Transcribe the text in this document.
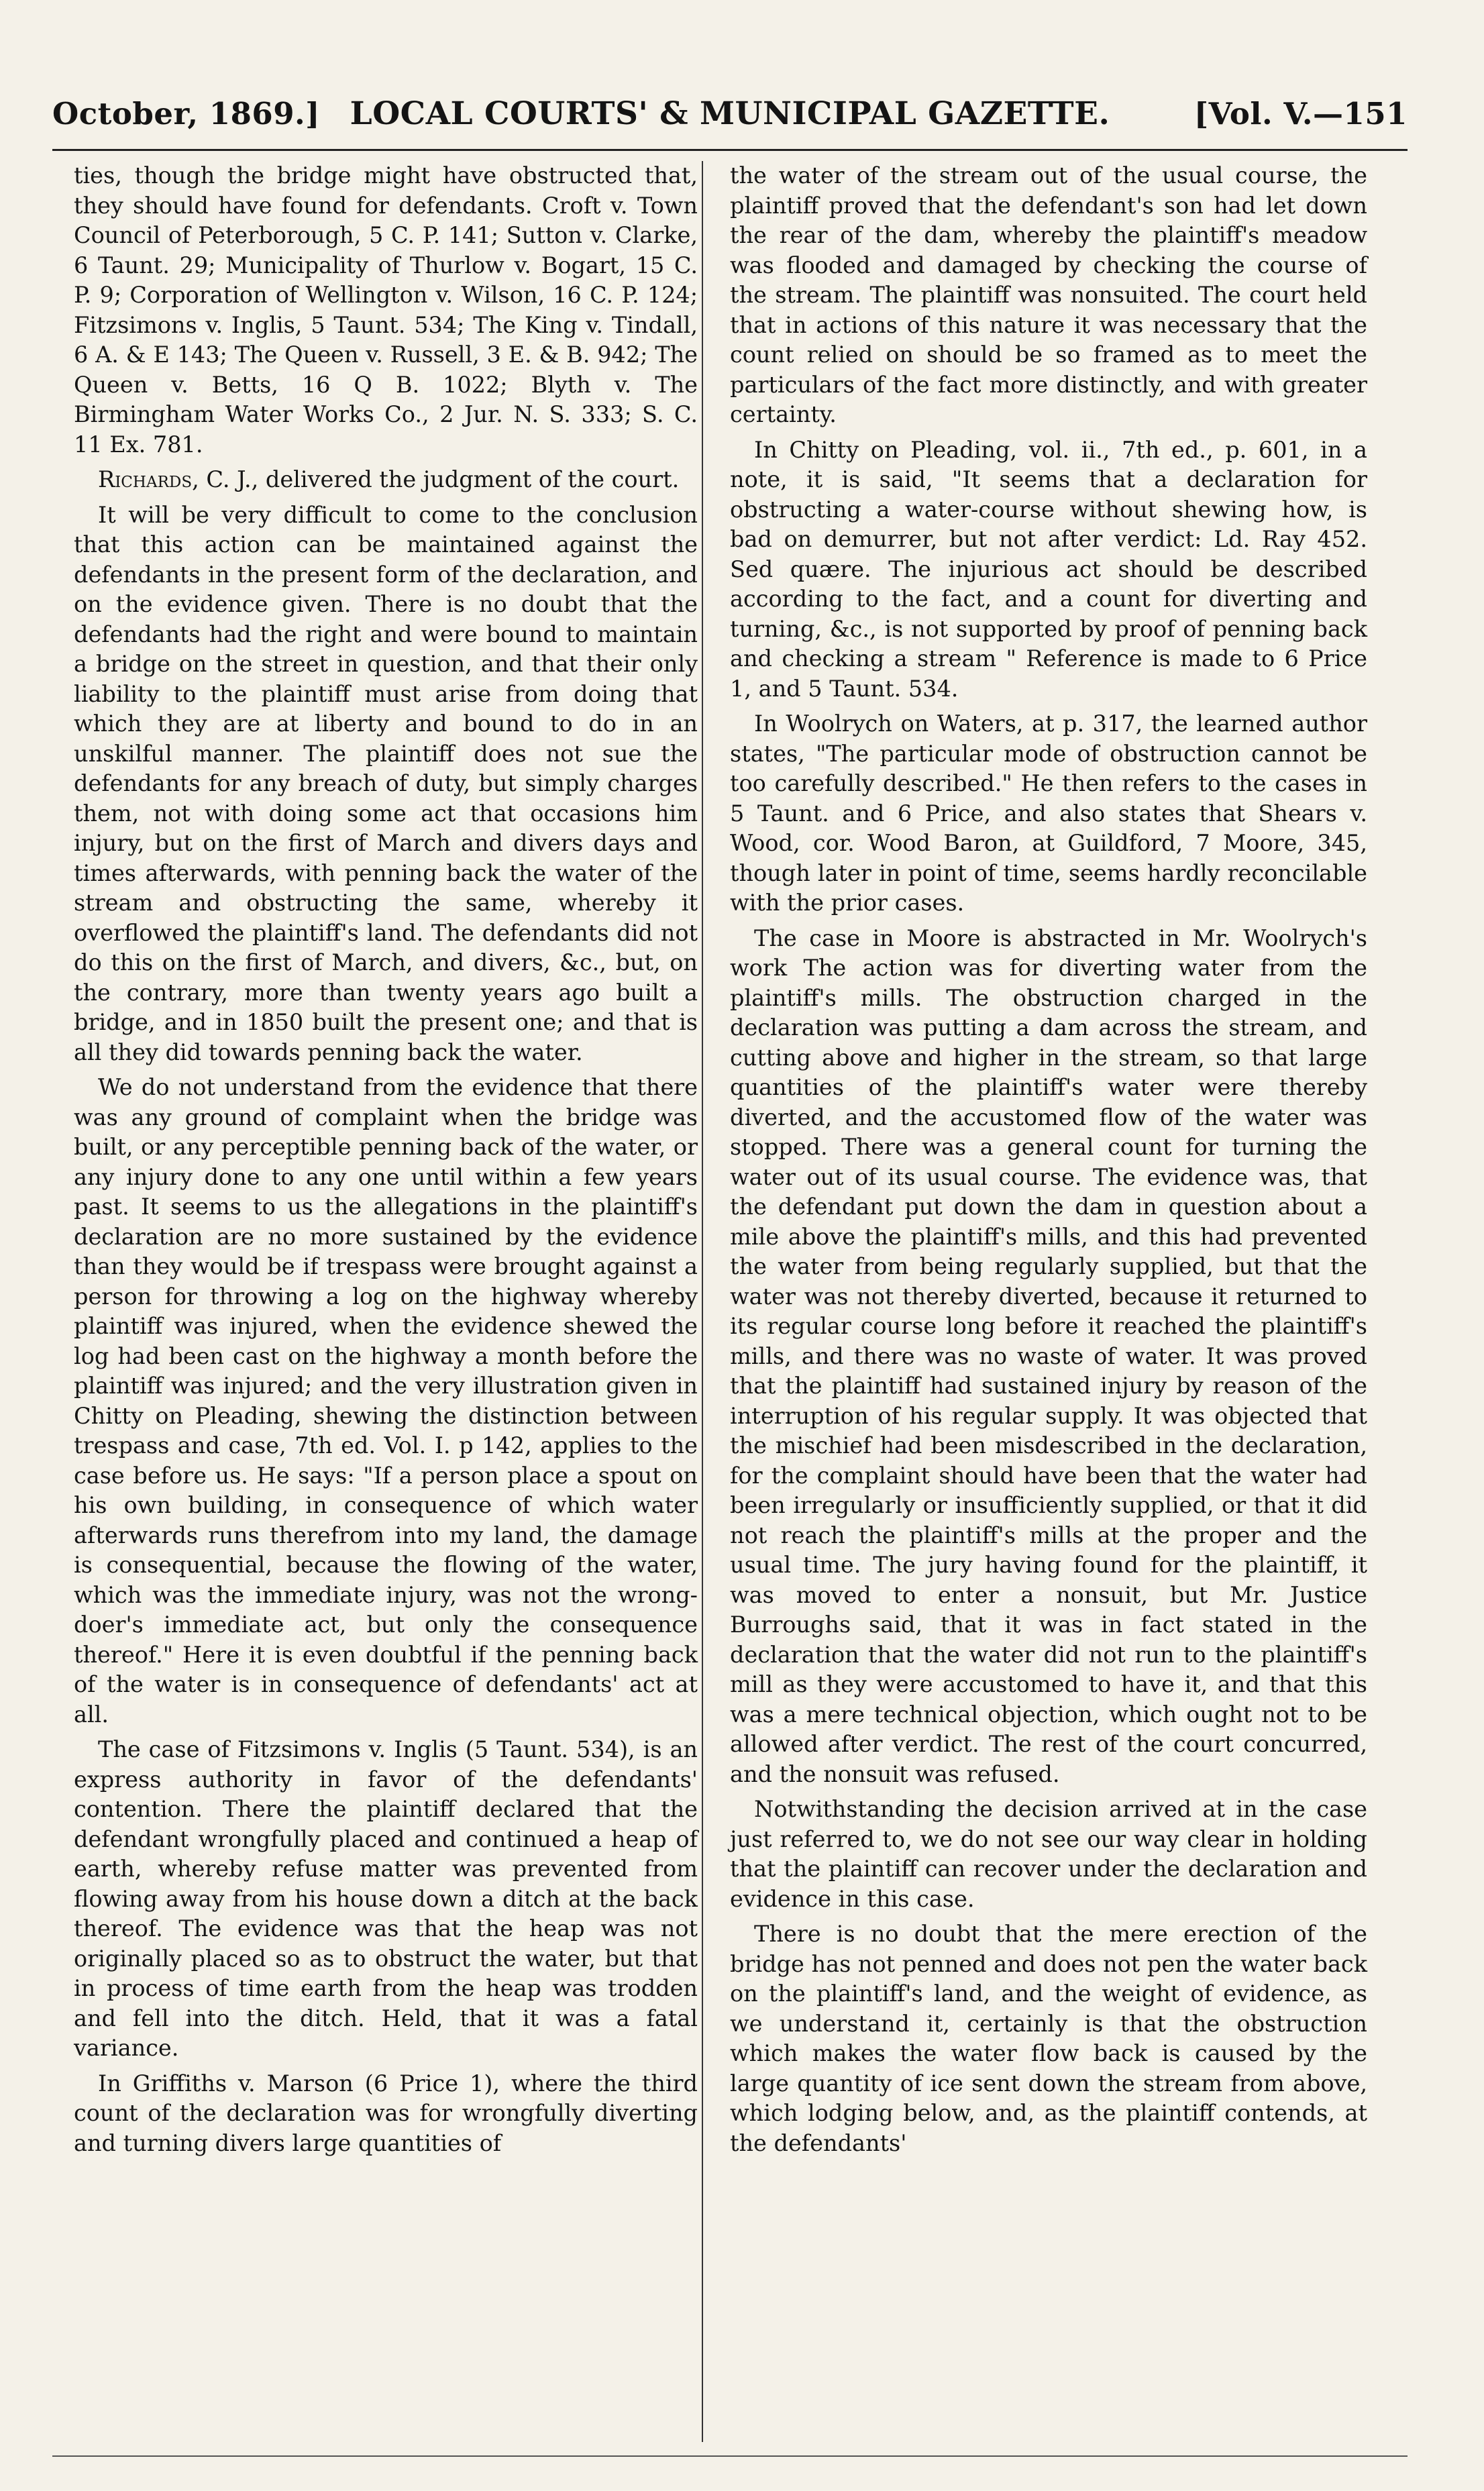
October, 1869.] LOCAL COURTS' & MUNICIPAL GAZETTE.	[Vol. V.—151

ties, though the bridge might have obstructed that, they should have found for defendants. Croft v. Town Council of Peterborough, 5 C. P. 141; Sutton v. Clarke, 6 Taunt. 29; Municipality of Thurlow v. Bogart, 15 C. P. 9; Corporation of Wellington v. Wilson, 16 C. P. 124; Fitzsimons v. Inglis, 5 Taunt. 534; The King v. Tindall, 6 A. & E 143; The Queen v. Russell, 3 E. & B. 942; The Queen v. Betts, 16 Q B. 1022; Blyth v. The Birmingham Water Works Co., 2 Jur. N. S. 333; S. C. 11 Ex. 781.

Richards, C. J., delivered the judgment of the court.

It will be very difficult to come to the conclusion that this action can be maintained against the defendants in the present form of the declaration, and on the evidence given. There is no doubt that the defendants had the right and were bound to maintain a bridge on the street in question, and that their only liability to the plaintiff must arise from doing that which they are at liberty and bound to do in an unskilful manner. The plaintiff does not sue the defendants for any breach of duty, but simply charges them, not with doing some act that occasions him injury, but on the first of March and divers days and times afterwards, with penning back the water of the stream and obstructing the same, whereby it overflowed the plaintiff's land. The defendants did not do this on the first of March, and divers, &c., but, on the contrary, more than twenty years ago built a bridge, and in 1850 built the present one; and that is all they did towards penning back the water.

We do not understand from the evidence that there was any ground of complaint when the bridge was built, or any perceptible penning back of the water, or any injury done to any one until within a few years past. It seems to us the allegations in the plaintiff's declaration are no more sustained by the evidence than they would be if trespass were brought against a person for throwing a log on the highway whereby plaintiff was injured, when the evidence shewed the log had been cast on the highway a month before the plaintiff was injured; and the very illustration given in Chitty on Pleading, shewing the distinction between trespass and case, 7th ed. Vol. I. p 142, applies to the case before us. He says: "If a person place a spout on his own building, in consequence of which water afterwards runs therefrom into my land, the damage is consequential, because the flowing of the water, which was the immediate injury, was not the wrong-doer's immediate act, but only the consequence thereof." Here it is even doubtful if the penning back of the water is in consequence of defendants' act at all.

The case of Fitzsimons v. Inglis (5 Taunt. 534), is an express authority in favor of the defendants' contention. There the plaintiff declared that the defendant wrongfully placed and continued a heap of earth, whereby refuse matter was prevented from flowing away from his house down a ditch at the back thereof. The evidence was that the heap was not originally placed so as to obstruct the water, but that in process of time earth from the heap was trodden and fell into the ditch. Held, that it was a fatal variance.

In Griffiths v. Marson (6 Price 1), where the third count of the declaration was for wrongfully diverting and turning divers large quantities of

the water of the stream out of the usual course, the plaintiff proved that the defendant's son had let down the rear of the dam, whereby the plaintiff's meadow was flooded and damaged by checking the course of the stream. The plaintiff was nonsuited. The court held that in actions of this nature it was necessary that the count relied on should be so framed as to meet the particulars of the fact more distinctly, and with greater certainty.

In Chitty on Pleading, vol. ii., 7th ed., p. 601, in a note, it is said, "It seems that a declaration for obstructing a water-course without shewing how, is bad on demurrer, but not after verdict: Ld. Ray 452. Sed quære. The injurious act should be described according to the fact, and a count for diverting and turning, &c., is not supported by proof of penning back and checking a stream " Reference is made to 6 Price 1, and 5 Taunt. 534.

In Woolrych on Waters, at p. 317, the learned author states, "The particular mode of obstruction cannot be too carefully described." He then refers to the cases in 5 Taunt. and 6 Price, and also states that Shears v. Wood, cor. Wood Baron, at Guildford, 7 Moore, 345, though later in point of time, seems hardly reconcilable with the prior cases.

The case in Moore is abstracted in Mr. Woolrych's work The action was for diverting water from the plaintiff's mills. The obstruction charged in the declaration was putting a dam across the stream, and cutting above and higher in the stream, so that large quantities of the plaintiff's water were thereby diverted, and the accustomed flow of the water was stopped. There was a general count for turning the water out of its usual course. The evidence was, that the defendant put down the dam in question about a mile above the plaintiff's mills, and this had prevented the water from being regularly supplied, but that the water was not thereby diverted, because it returned to its regular course long before it reached the plaintiff's mills, and there was no waste of water. It was proved that the plaintiff had sustained injury by reason of the interruption of his regular supply. It was objected that the mischief had been misdescribed in the declaration, for the complaint should have been that the water had been irregularly or insufficiently supplied, or that it did not reach the plaintiff's mills at the proper and the usual time. The jury having found for the plaintiff, it was moved to enter a nonsuit, but Mr. Justice Burroughs said, that it was in fact stated in the declaration that the water did not run to the plaintiff's mill as they were accustomed to have it, and that this was a mere technical objection, which ought not to be allowed after verdict. The rest of the court concurred, and the nonsuit was refused.

Notwithstanding the decision arrived at in the case just referred to, we do not see our way clear in holding that the plaintiff can recover under the declaration and evidence in this case.

There is no doubt that the mere erection of the bridge has not penned and does not pen the water back on the plaintiff's land, and the weight of evidence, as we understand it, certainly is that the obstruction which makes the water flow back is caused by the large quantity of ice sent down the stream from above, which lodging below, and, as the plaintiff contends, at the defendants'
